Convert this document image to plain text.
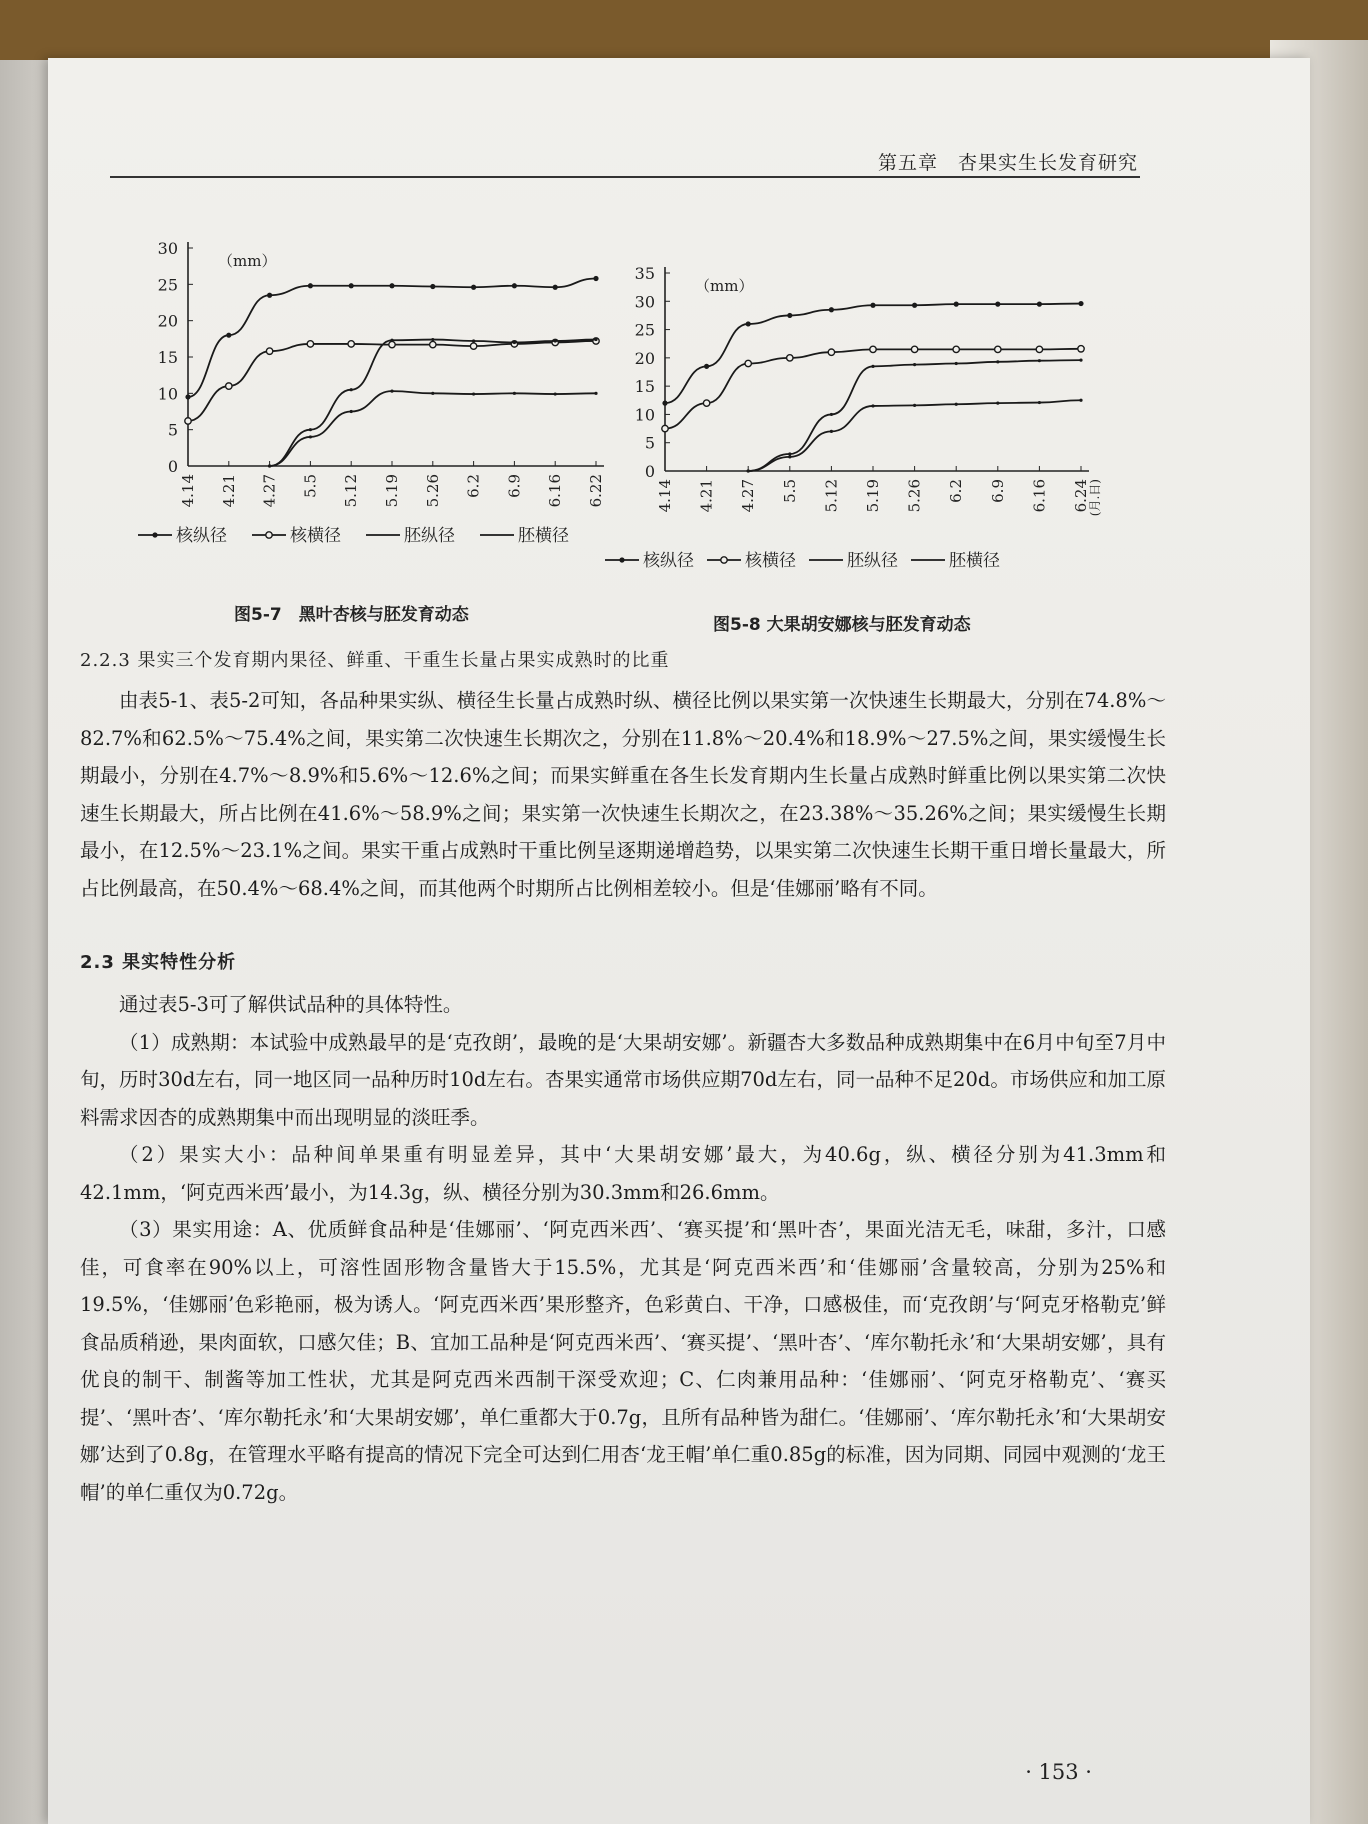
第五章　杏果实生长发育研究
0
5
10
15
20
25
30
（mm）
4.14 4.21 4.27 5.5 5.12 5.19 5.26 6.2 6.9 6.16 6.22
核纵径	核横径	胚纵径	胚横径
0
5
10
15
20
25
30
35
（mm）
4.14 4.21 4.27 5.5 5.12 5.19 5.26 6.2 6.9 6.16 6.24
(月.日)
核纵径	核横径	胚纵径	胚横径
图5-7　黑叶杏核与胚发育动态	图5-8 大果胡安娜核与胚发育动态
2.2.3 果实三个发育期内果径、鲜重、干重生长量占果实成熟时的比重

由表5-1、表5-2可知，各品种果实纵、横径生长量占成熟时纵、横径比例以果实第一次快速生长期最大，分别在74.8%～82.7%和62.5%～75.4%之间，果实第二次快速生长期次之，分别在11.8%～20.4%和18.9%～27.5%之间，果实缓慢生长期最小，分别在4.7%～8.9%和5.6%～12.6%之间；而果实鲜重在各生长发育期内生长量占成熟时鲜重比例以果实第二次快速生长期最大，所占比例在41.6%～58.9%之间；果实第一次快速生长期次之，在23.38%～35.26%之间；果实缓慢生长期最小，在12.5%～23.1%之间。果实干重占成熟时干重比例呈逐期递增趋势，以果实第二次快速生长期干重日增长量最大，所占比例最高，在50.4%～68.4%之间，而其他两个时期所占比例相差较小。但是‘佳娜丽’略有不同。

2.3 果实特性分析

通过表5-3可了解供试品种的具体特性。

（1）成熟期：本试验中成熟最早的是‘克孜朗’，最晚的是‘大果胡安娜’。新疆杏大多数品种成熟期集中在6月中旬至7月中旬，历时30d左右，同一地区同一品种历时10d左右。杏果实通常市场供应期70d左右，同一品种不足20d。市场供应和加工原料需求因杏的成熟期集中而出现明显的淡旺季。

（2）果实大小：品种间单果重有明显差异，其中‘大果胡安娜’最大，为40.6g，纵、横径分别为41.3mm和42.1mm，‘阿克西米西’最小，为14.3g，纵、横径分别为30.3mm和26.6mm。

（3）果实用途：A、优质鲜食品种是‘佳娜丽’、‘阿克西米西’、‘赛买提’和‘黑叶杏’，果面光洁无毛，味甜，多汁，口感佳，可食率在90%以上，可溶性固形物含量皆大于15.5%，尤其是‘阿克西米西’和‘佳娜丽’含量较高，分别为25%和19.5%，‘佳娜丽’色彩艳丽，极为诱人。‘阿克西米西’果形整齐，色彩黄白、干净，口感极佳，而‘克孜朗’与‘阿克牙格勒克’鲜食品质稍逊，果肉面软，口感欠佳；B、宜加工品种是‘阿克西米西’、‘赛买提’、‘黑叶杏’、‘库尔勒托永’和‘大果胡安娜’，具有优良的制干、制酱等加工性状，尤其是阿克西米西制干深受欢迎；C、仁肉兼用品种：‘佳娜丽’、‘阿克牙格勒克’、‘赛买提’、‘黑叶杏’、‘库尔勒托永’和‘大果胡安娜’，单仁重都大于0.7g，且所有品种皆为甜仁。‘佳娜丽’、‘库尔勒托永’和‘大果胡安娜’达到了0.8g，在管理水平略有提高的情况下完全可达到仁用杏‘龙王帽’单仁重0.85g的标准，因为同期、同园中观测的‘龙王帽’的单仁重仅为0.72g。

· 153 ·
